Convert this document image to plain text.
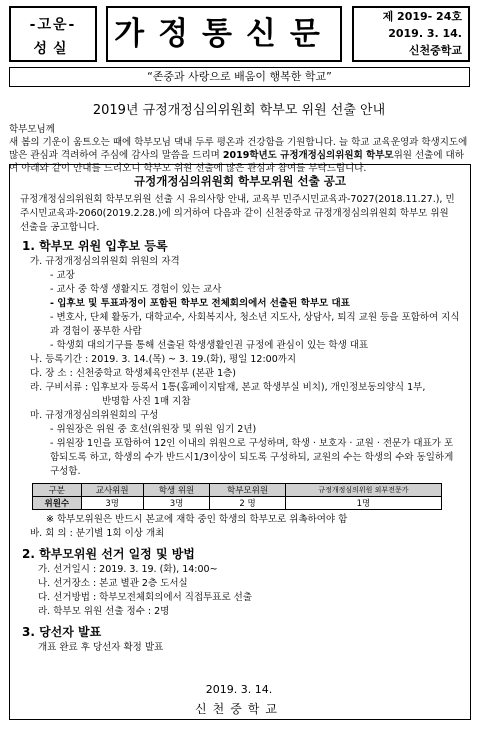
-고운-
성실	가정통신문	제 2019- 24호
2019. 3. 14.
신천중학교
“존중과 사랑으로 배움이 행복한 학교”
2019년 규정개정심의위원회 학부모 위원 선출 안내
학부모님께
새 봄의 기운이 움트오는 때에 학부모님 댁내 두루 평온과 건강함을 기원합니다. 늘 학교 교육운영과 학생지도에 많은 관심과 격려하여 주심에 감사의 말씀을 드리며 2019학년도 규정개정심의위원회 학부모위원 선출에 대하여 아래와 같이 안내를 드리오니 학부모 위원 선출에 많은 관심과 참여를 부탁드립니다.
규정개정심의위원회 학부모위원 선출 공고
규정개정심의위원회 학부모위원 선출 시 유의사항 안내, 교육부 민주시민교육과-7027(2018.11.27.), 민주시민교육과-2060(2019.2.28.)에 의거하여 다음과 같이 신천중학교 규정개정심의위원회 학부모 위원 선출을 공고합니다.
1. 학부모 위원 입후보 등록
가. 규정개정심의위원회 위원의 자격
- 교장
- 교사 중 학생 생활지도 경험이 있는 교사
- 입후보 및 투표과정이 포함된 학부모 전체회의에서 선출된 학부모 대표
- 변호사, 단체 활동가, 대학교수, 사회복지사, 청소년 지도사, 상담사, 퇴직 교원 등을 포함하여 지식과 경험이 풍부한 사람
- 학생회 대의기구를 통해 선출된 학생생활인권 규정에 관심이 있는 학생 대표
나. 등록기간 : 2019. 3. 14.(목) ~ 3. 19.(화), 평일 12:00까지
다. 장 소 : 신천중학교 학생체육안전부 (본관 1층)
라. 구비서류 : 입후보자 등록서 1통(홈페이지탑재, 본교 학생부실 비치), 개인정보동의양식 1부,
반명함 사진 1매 지참
마. 규정개정심의위원회의 구성
- 위원장은 위원 중 호선(위원장 및 위원 임기 2년)
- 위원장 1인을 포함하여 12인 이내의 위원으로 구성하며, 학생 · 보호자 · 교원 · 전문가 대표가 포함되도록 하고, 학생의 수가 반드시1/3이상이 되도록 구성하되, 교원의 수는 학생의 수와 동일하게 구성함.
구분	교사위원	학생 위원	학부모위원	규정개정심의위원 외부전문가
위원수	3명	3명	2 명	1명
※ 학부모위원은 반드시 본교에 재학 중인 학생의 학부모로 위촉하여야 함
바. 회 의 : 분기별 1회 이상 개최
2. 학부모위원 선거 일정 및 방법
가. 선거일시 : 2019. 3. 19. (화), 14:00~
나. 선거장소 : 본교 별관 2층 도서실
다. 선거방법 : 학부모전체회의에서 직접투표로 선출
라. 학부모 위원 선출 정수 : 2명
3. 당선자 발표
개표 완료 후 당선자 확정 발표
2019. 3. 14.
신천중학교
